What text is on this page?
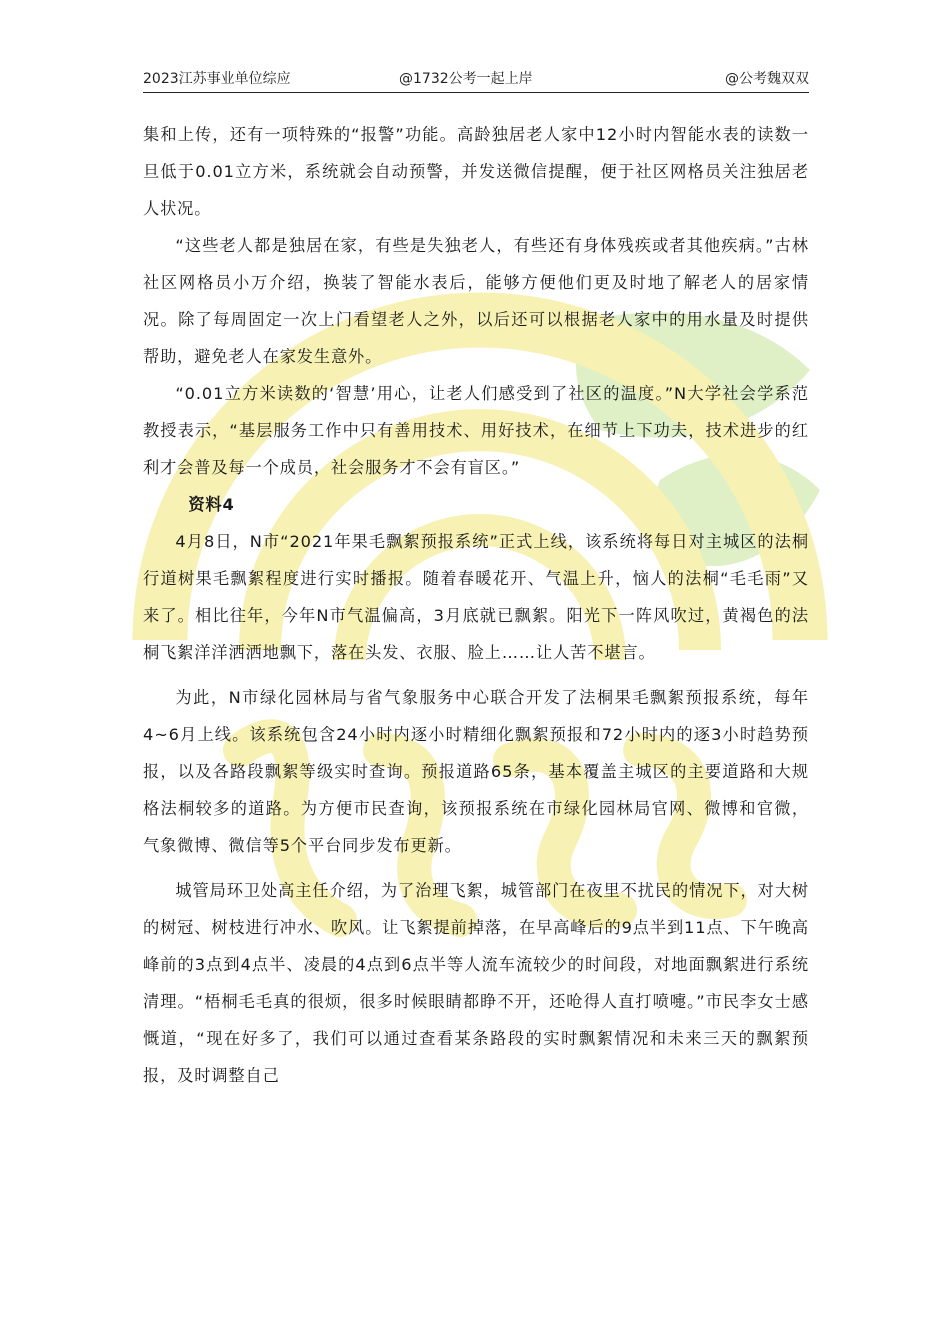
2023江苏事业单位综应	@1732公考一起上岸	@公考魏双双

集和上传，还有一项特殊的“报警”功能。高龄独居老人家中12小时内智能水表的读数一旦低于0.01立方米，系统就会自动预警，并发送微信提醒，便于社区网格员关注独居老人状况。

“这些老人都是独居在家，有些是失独老人，有些还有身体残疾或者其他疾病。”古林社区网格员小万介绍，换装了智能水表后，能够方便他们更及时地了解老人的居家情况。除了每周固定一次上门看望老人之外，以后还可以根据老人家中的用水量及时提供帮助，避免老人在家发生意外。

“0.01立方米读数的‘智慧’用心，让老人们感受到了社区的温度。”N大学社会学系范教授表示，“基层服务工作中只有善用技术、用好技术，在细节上下功夫，技术进步的红利才会普及每一个成员，社会服务才不会有盲区。”

资料4

4月8日，N市“2021年果毛飘絮预报系统”正式上线，该系统将每日对主城区的法桐行道树果毛飘絮程度进行实时播报。随着春暖花开、气温上升，恼人的法桐“毛毛雨”又来了。相比往年，今年N市气温偏高，3月底就已飘絮。阳光下一阵风吹过，黄褐色的法桐飞絮洋洋洒洒地飘下，落在头发、衣服、脸上……让人苦不堪言。

为此，N市绿化园林局与省气象服务中心联合开发了法桐果毛飘絮预报系统，每年4~6月上线。该系统包含24小时内逐小时精细化飘絮预报和72小时内的逐3小时趋势预报，以及各路段飘絮等级实时查询。预报道路65条，基本覆盖主城区的主要道路和大规格法桐较多的道路。为方便市民查询，该预报系统在市绿化园林局官网、微博和官微，气象微博、微信等5个平台同步发布更新。

城管局环卫处高主任介绍，为了治理飞絮，城管部门在夜里不扰民的情况下，对大树的树冠、树枝进行冲水、吹风。让飞絮提前掉落，在早高峰后的9点半到11点、下午晚高峰前的3点到4点半、凌晨的4点到6点半等人流车流较少的时间段，对地面飘絮进行系统清理。“梧桐毛毛真的很烦，很多时候眼睛都睁不开，还呛得人直打喷嚏。”市民李女士感慨道，“现在好多了，我们可以通过查看某条路段的实时飘絮情况和未来三天的飘絮预报，及时调整自己
